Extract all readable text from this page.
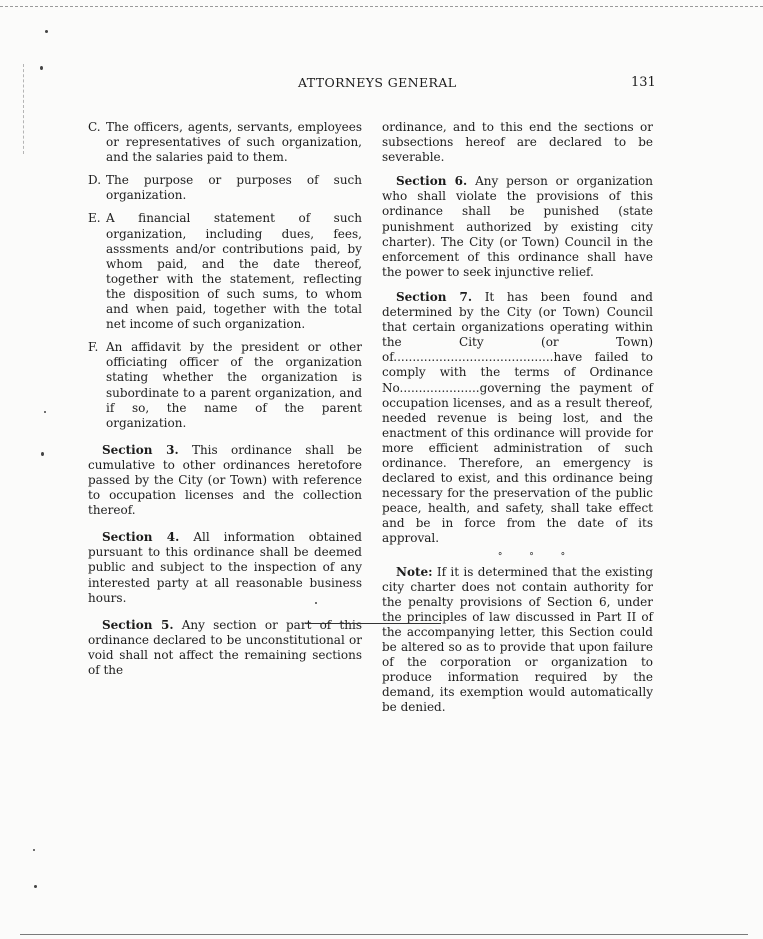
ATTORNEYS GENERAL	131
C. The officers, agents, servants, employees or representatives of such organization, and the salaries paid to them.
D. The purpose or purposes of such organization.
E. A financial statement of such organization, including dues, fees, asssments and/or contributions paid, by whom paid, and the date thereof, together with the statement, reflecting the disposition of such sums, to whom and when paid, together with the total net income of such organization.
F. An affidavit by the president or other officiating officer of the organization stating whether the organization is subordinate to a parent organization, and if so, the name of the parent organization.

Section 3. This ordinance shall be cumulative to other ordinances heretofore passed by the City (or Town) with reference to occupation licenses and the collection thereof.

Section 4. All information obtained pursuant to this ordinance shall be deemed public and subject to the inspection of any interested party at all reasonable business hours.

Section 5. Any section or part of this ordinance declared to be unconstitutional or void shall not affect the remaining sections of the

ordinance, and to this end the sections or subsections hereof are declared to be severable.

Section 6. Any person or organization who shall violate the provisions of this ordinance shall be punished (state punishment authorized by existing city charter). The City (or Town) Council in the enforcement of this ordinance shall have the power to seek injunctive relief.

Section 7. It has been found and determined by the City (or Town) Council that certain organizations operating within the City (or Town) of..........................................have failed to comply with the terms of Ordinance No.....................governing the payment of occupation licenses, and as a result thereof, needed revenue is being lost, and the enactment of this ordinance will provide for more efficient administration of such ordinance. Therefore, an emergency is declared to exist, and this ordinance being necessary for the preservation of the public peace, health, and safety, shall take effect and be in force from the date of its approval.

° ° °

Note: If it is determined that the existing city charter does not contain authority for the penalty provisions of Section 6, under the principles of law discussed in Part II of the accompanying letter, this Section could be altered so as to provide that upon failure of the corporation or organization to produce information required by the demand, its exemption would automatically be denied.
